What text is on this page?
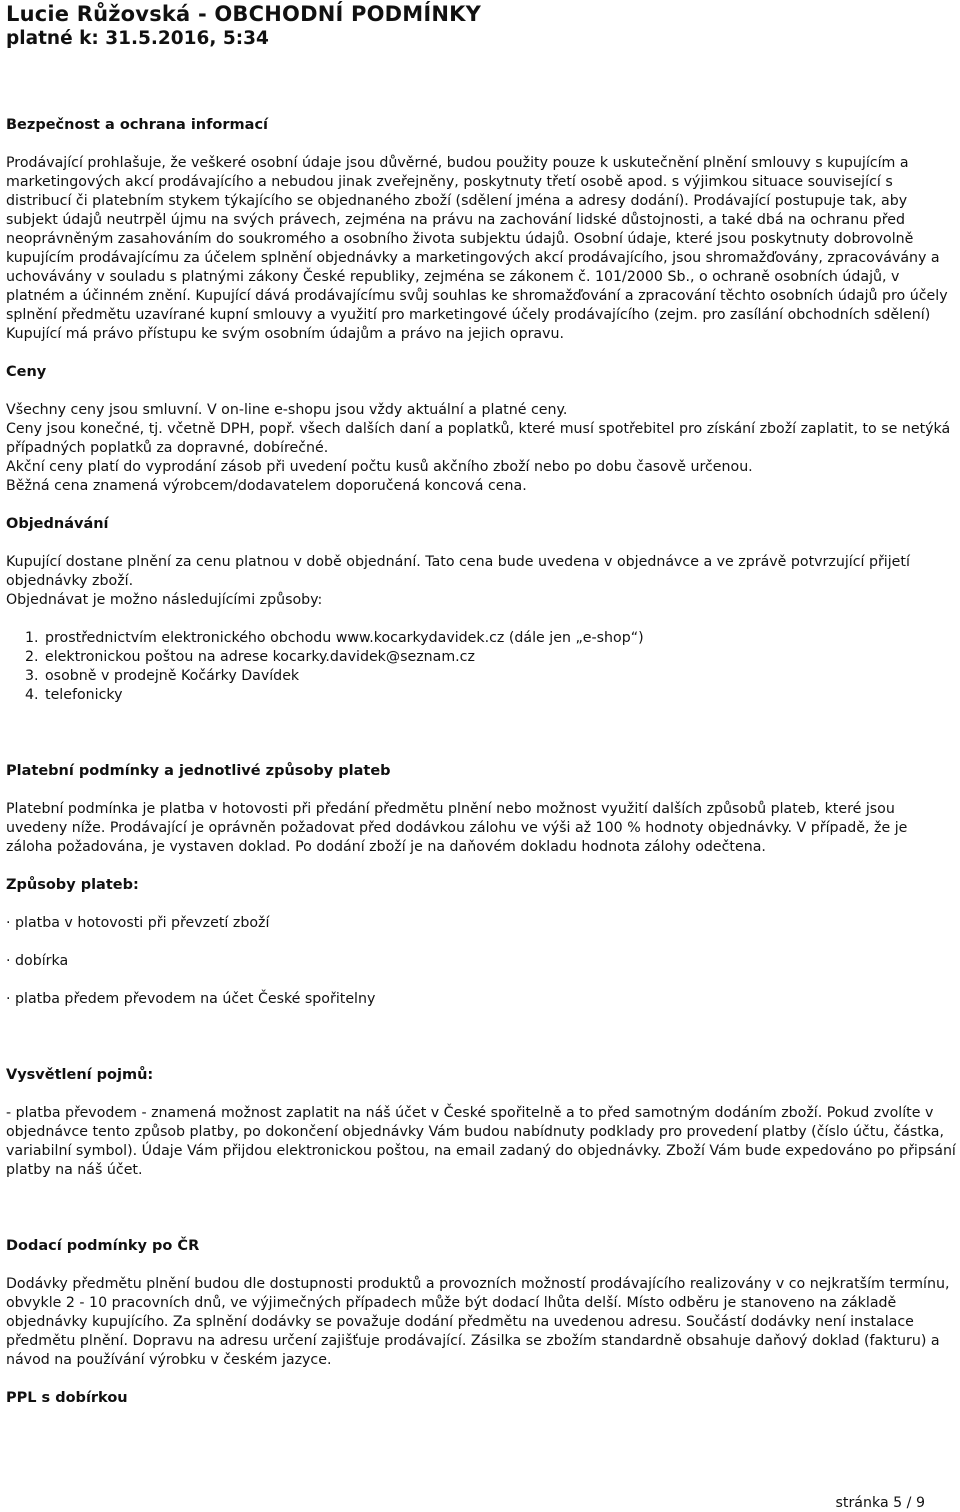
Lucie Růžovská - OBCHODNÍ PODMÍNKY
platné k: 31.5.2016, 5:34

Bezpečnost a ochrana informací

Prodávající prohlašuje, že veškeré osobní údaje jsou důvěrné, budou použity pouze k uskutečnění plnění smlouvy s kupujícím a marketingových akcí prodávajícího a nebudou jinak zveřejněny, poskytnuty třetí osobě apod. s výjimkou situace související s distribucí či platebním stykem týkajícího se objednaného zboží (sdělení jména a adresy dodání). Prodávající postupuje tak, aby subjekt údajů neutrpěl újmu na svých právech, zejména na právu na zachování lidské důstojnosti, a také dbá na ochranu před neoprávněným zasahováním do soukromého a osobního života subjektu údajů. Osobní údaje, které jsou poskytnuty dobrovolně kupujícím prodávajícímu za účelem splnění objednávky a marketingových akcí prodávajícího, jsou shromažďovány, zpracovávány a uchovávány v souladu s platnými zákony České republiky, zejména se zákonem č. 101/2000 Sb., o ochraně osobních údajů, v platném a účinném znění. Kupující dává prodávajícímu svůj souhlas ke shromažďování a zpracování těchto osobních údajů pro účely splnění předmětu uzavírané kupní smlouvy a využití pro marketingové účely prodávajícího (zejm. pro zasílání obchodních sdělení) Kupující má právo přístupu ke svým osobním údajům a právo na jejich opravu.

Ceny

Všechny ceny jsou smluvní. V on-line e-shopu jsou vždy aktuální a platné ceny.

Ceny jsou konečné, tj. včetně DPH, popř. všech dalších daní a poplatků, které musí spotřebitel pro získání zboží zaplatit, to se netýká případných poplatků za dopravné, dobírečné.

Akční ceny platí do vyprodání zásob při uvedení počtu kusů akčního zboží nebo po dobu časově určenou.

Běžná cena znamená výrobcem/dodavatelem doporučená koncová cena.

Objednávání

Kupující dostane plnění za cenu platnou v době objednání. Tato cena bude uvedena v objednávce a ve zprávě potvrzující přijetí objednávky zboží.

Objednávat je možno následujícími způsoby:

1. prostřednictvím elektronického obchodu www.kocarkydavidek.cz (dále jen „e-shop“)
2. elektronickou poštou na adrese kocarky.davidek@seznam.cz
3. osobně v prodejně Kočárky Davídek
4. telefonicky

Platební podmínky a jednotlivé způsoby plateb

Platební podmínka je platba v hotovosti při předání předmětu plnění nebo možnost využití dalších způsobů plateb, které jsou uvedeny níže. Prodávající je oprávněn požadovat před dodávkou zálohu ve výši až 100 % hodnoty objednávky. V případě, že je záloha požadována, je vystaven doklad. Po dodání zboží je na daňovém dokladu hodnota zálohy odečtena.

Způsoby plateb:

· platba v hotovosti při převzetí zboží

· dobírka

· platba předem převodem na účet České spořitelny

Vysvětlení pojmů:

- platba převodem - znamená možnost zaplatit na náš účet v České spořitelně a to před samotným dodáním zboží. Pokud zvolíte v objednávce tento způsob platby, po dokončení objednávky Vám budou nabídnuty podklady pro provedení platby (číslo účtu, částka, variabilní symbol). Údaje Vám přijdou elektronickou poštou, na email zadaný do objednávky. Zboží Vám bude expedováno po připsání platby na náš účet.

Dodací podmínky po ČR

Dodávky předmětu plnění budou dle dostupnosti produktů a provozních možností prodávajícího realizovány v co nejkratším termínu, obvykle 2 - 10 pracovních dnů, ve výjimečných případech může být dodací lhůta delší. Místo odběru je stanoveno na základě objednávky kupujícího. Za splnění dodávky se považuje dodání předmětu na uvedenou adresu. Součástí dodávky není instalace předmětu plnění. Dopravu na adresu určení zajišťuje prodávající. Zásilka se zbožím standardně obsahuje daňový doklad (fakturu) a návod na používání výrobku v českém jazyce.

PPL s dobírkou

stránka 5 / 9
